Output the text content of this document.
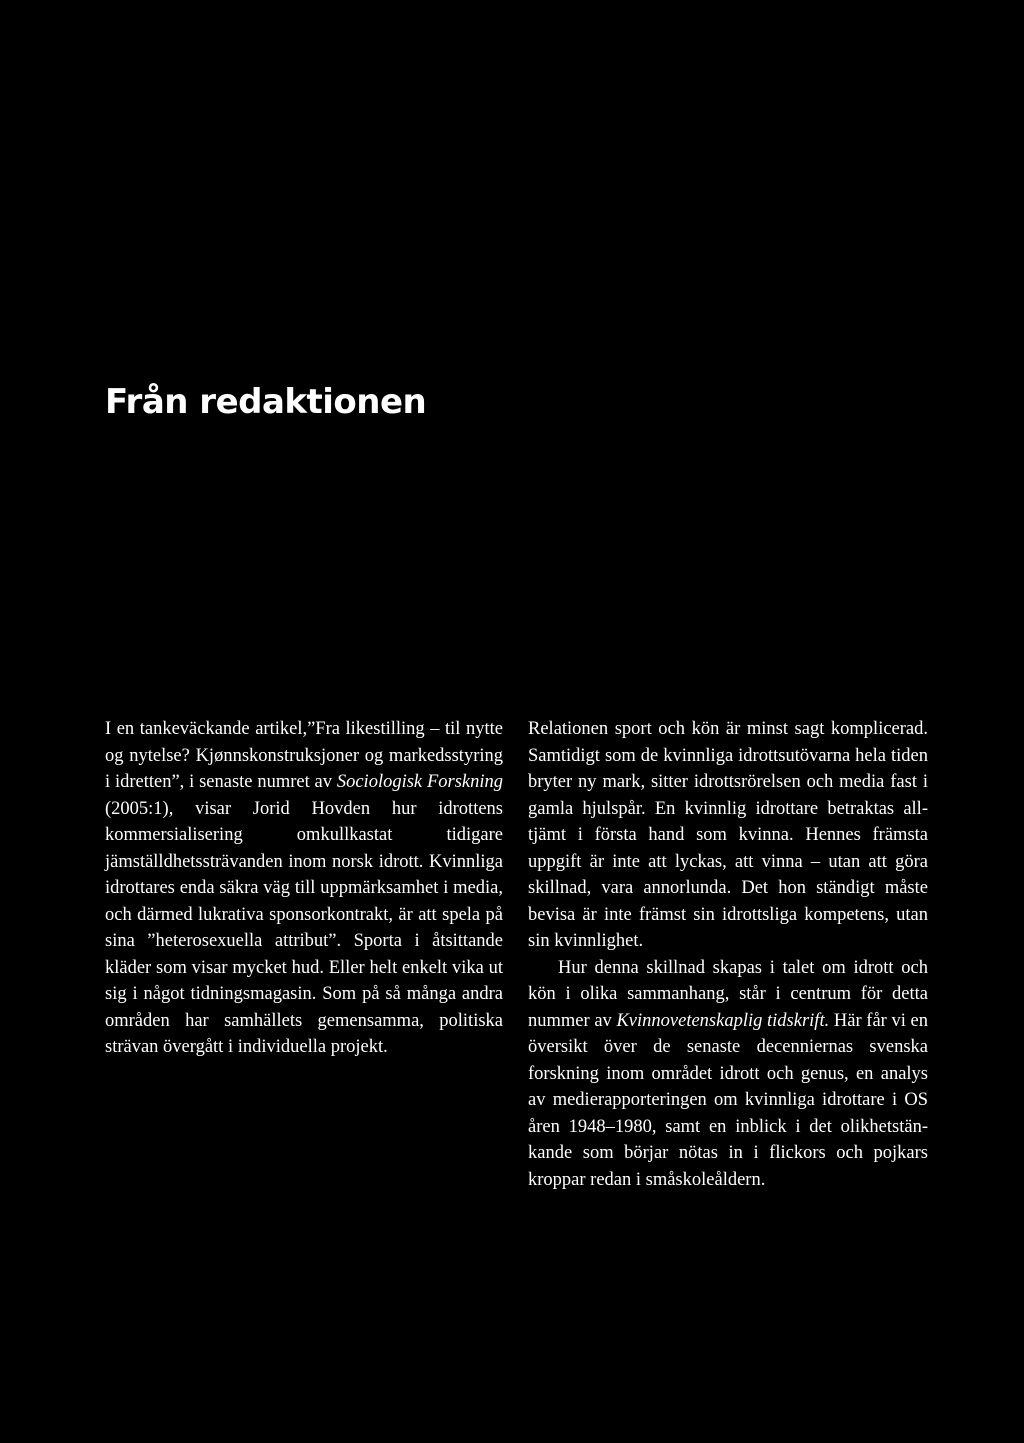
Från redaktionen

I en tankeväckande artikel,”Fra likestilling – til nytte og nytelse? Kjønnskonstruksjoner og markedsstyring i idretten”, i senaste numret av Sociologisk Forskning (2005:1), visar Jorid Hovden hur idrottens kommersialisering omkullkastat tidigare jämställdhetssträvanden inom norsk idrott. Kvinnliga idrottares enda säkra väg till uppmärksamhet i media, och därmed lukrativa sponsorkontrakt, är att spela på sina ”heterosexuella attribut”. Sporta i åtsittande kläder som visar mycket hud. Eller helt enkelt vika ut sig i något tidningsmagasin. Som på så många andra områden har samhällets gemensamma, politiska strävan övergått i individuella projekt.

Relationen sport och kön är minst sagt komplicerad. Samtidigt som de kvinnliga idrottsutövarna hela tiden bryter ny mark, sitter idrottsrörelsen och media fast i gamla hjulspår. En kvinnlig idrottare betraktas alltjämt i första hand som kvinna. Hennes främsta uppgift är inte att lyckas, att vinna – utan att göra skillnad, vara annorlunda. Det hon ständigt måste bevisa är inte främst sin idrottsliga kompetens, utan sin kvinnlighet.

Hur denna skillnad skapas i talet om idrott och kön i olika sammanhang, står i centrum för detta nummer av Kvinnovetenskaplig tidskrift. Här får vi en översikt över de senaste decenniernas svenska forskning inom området idrott och genus, en analys av medierapporteringen om kvinnliga idrottare i OS åren 1948–1980, samt en inblick i det olikhetstänkande som börjar nötas in i flickors och pojkars kroppar redan i småskoleåldern.
